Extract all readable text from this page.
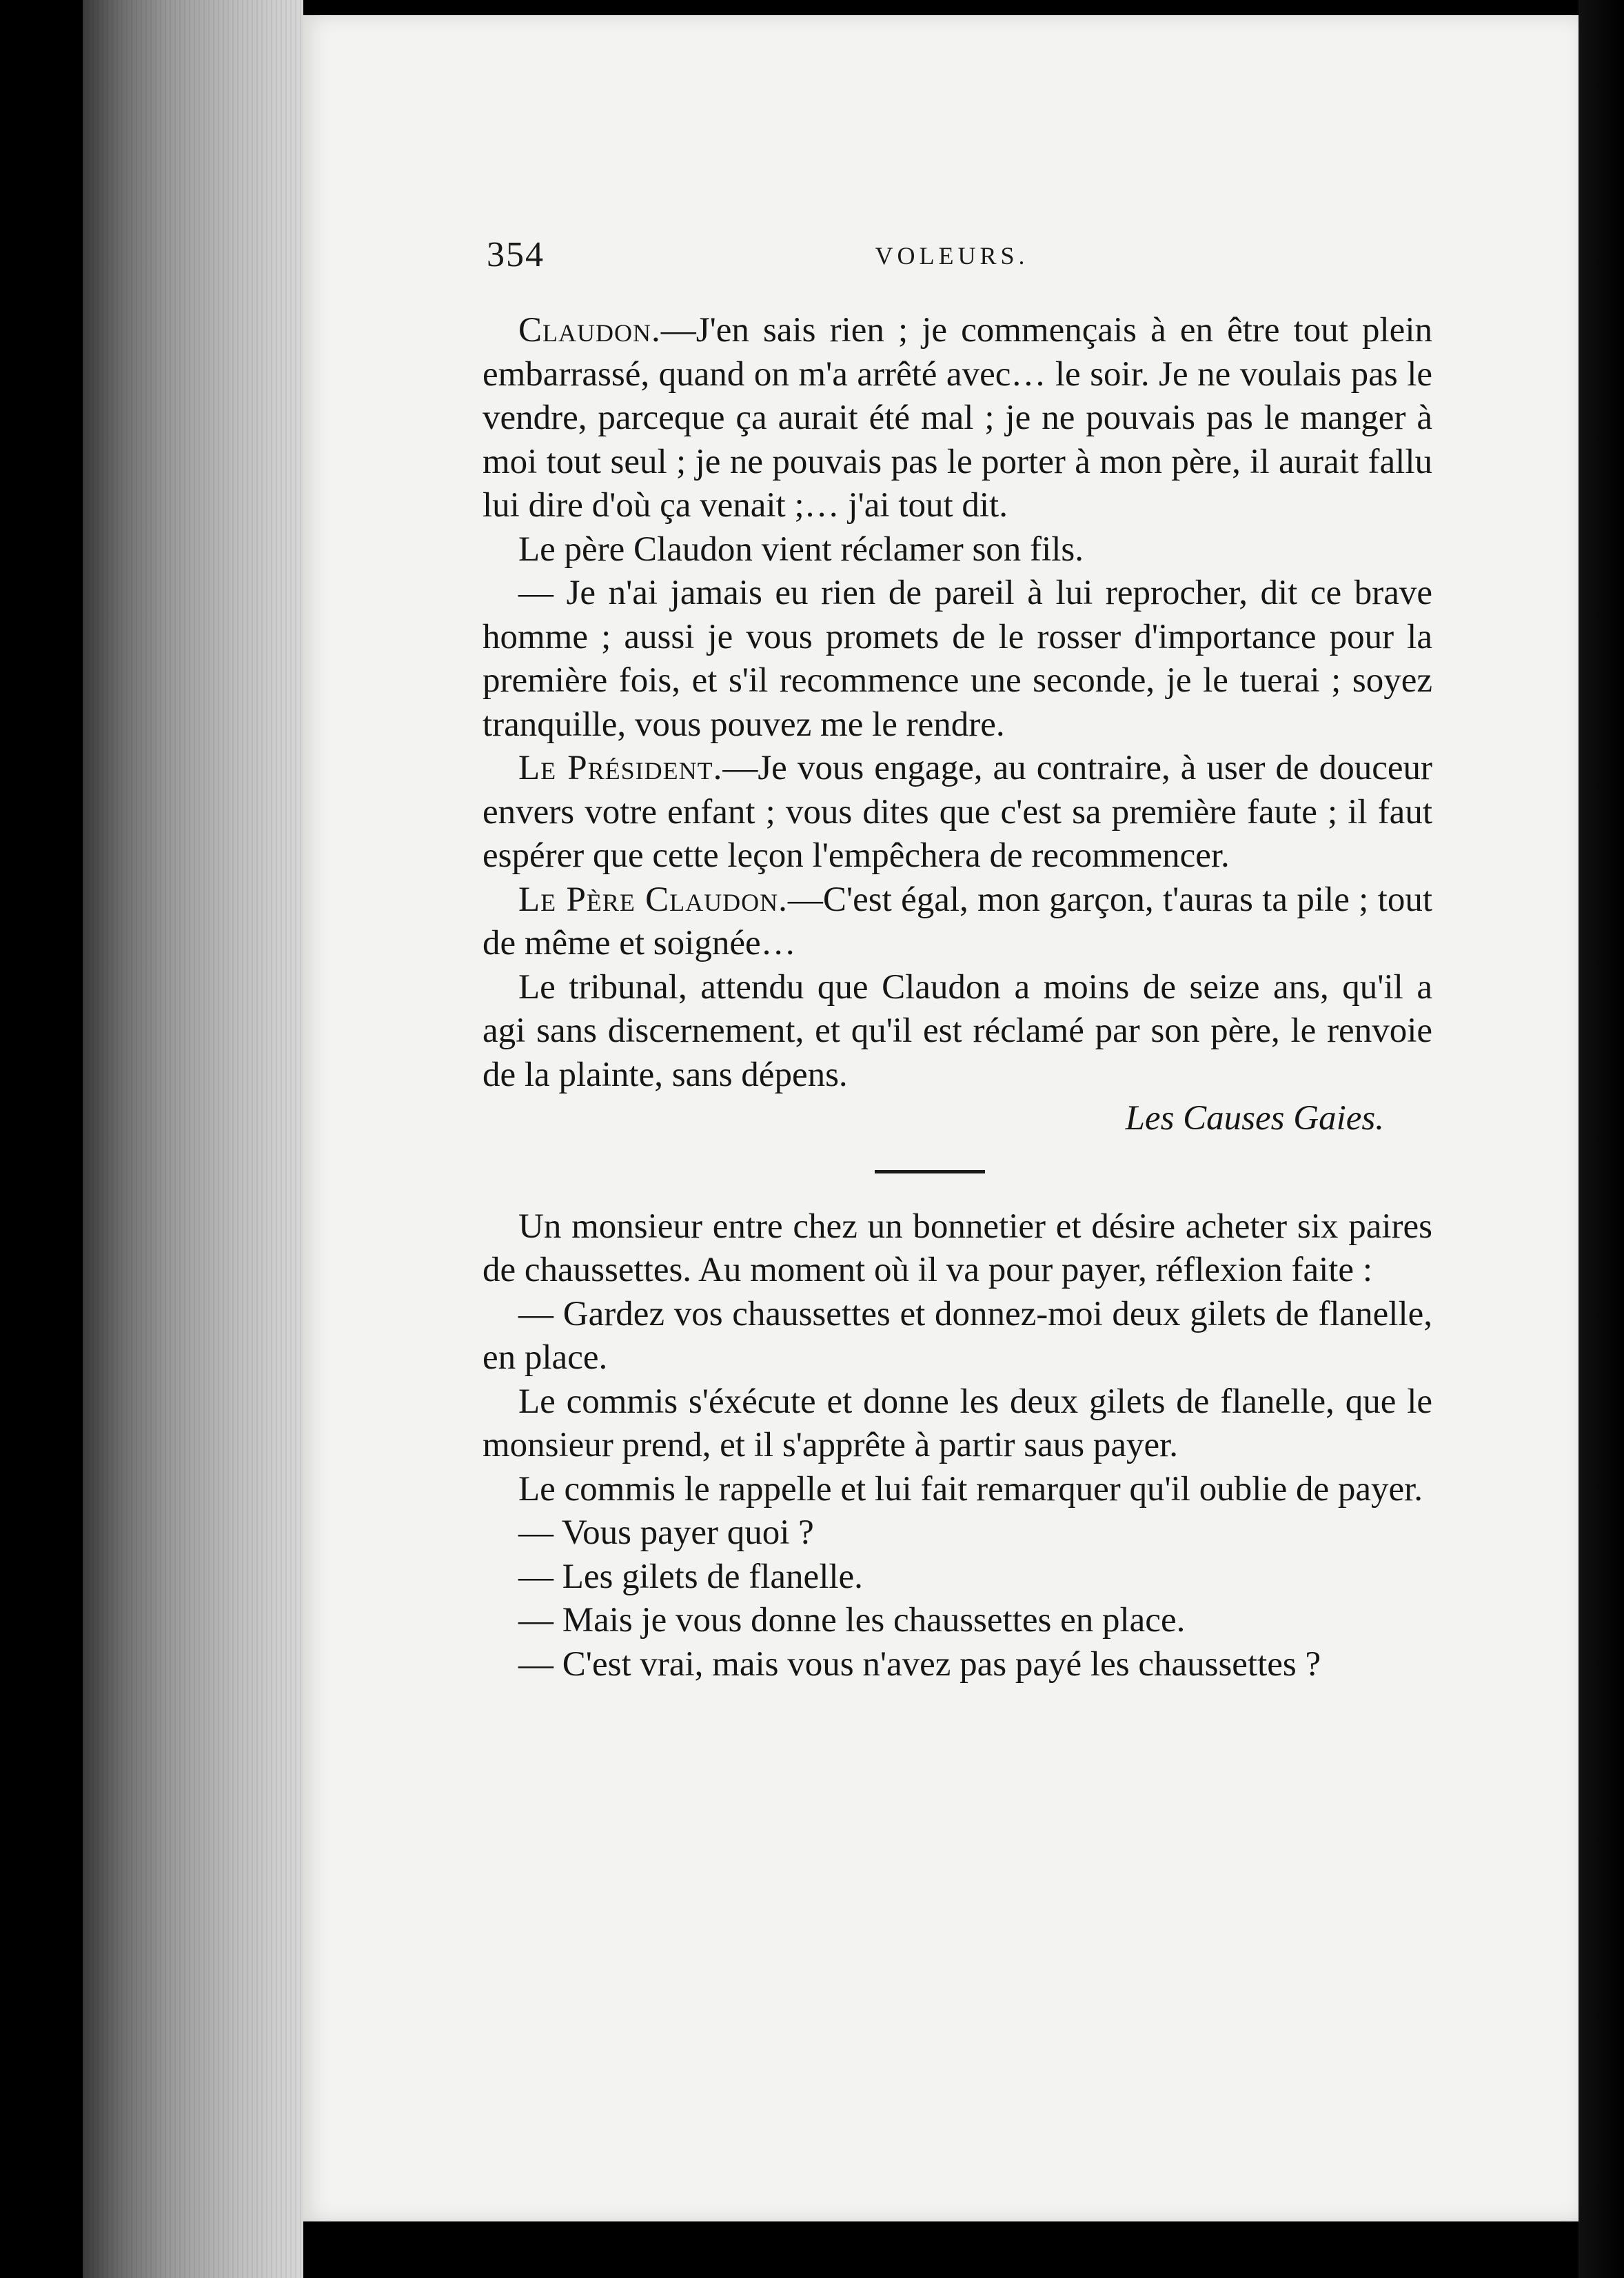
354	VOLEURS.

Claudon.—J'en sais rien ; je commençais à en être tout plein embarrassé, quand on m'a arrêté avec… le soir. Je ne voulais pas le vendre, parceque ça aurait été mal ; je ne pouvais pas le manger à moi tout seul ; je ne pouvais pas le porter à mon père, il aurait fallu lui dire d'où ça venait ;… j'ai tout dit.

Le père Claudon vient réclamer son fils.

— Je n'ai jamais eu rien de pareil à lui reprocher, dit ce brave homme ; aussi je vous promets de le rosser d'importance pour la première fois, et s'il recommence une seconde, je le tuerai ; soyez tranquille, vous pouvez me le rendre.

Le Président.—Je vous engage, au contraire, à user de douceur envers votre enfant ; vous dites que c'est sa première faute ; il faut espérer que cette leçon l'empêchera de recommencer.

Le Père Claudon.—C'est égal, mon garçon, t'auras ta pile ; tout de même et soignée…

Le tribunal, attendu que Claudon a moins de seize ans, qu'il a agi sans discernement, et qu'il est réclamé par son père, le renvoie de la plainte, sans dépens.

Les Causes Gaies.

Un monsieur entre chez un bonnetier et désire acheter six paires de chaussettes. Au moment où il va pour payer, réflexion faite :

— Gardez vos chaussettes et donnez-moi deux gilets de flanelle, en place.

Le commis s'éxécute et donne les deux gilets de flanelle, que le monsieur prend, et il s'apprête à partir saus payer.

Le commis le rappelle et lui fait remarquer qu'il oublie de payer.

— Vous payer quoi ?

— Les gilets de flanelle.

— Mais je vous donne les chaussettes en place.

— C'est vrai, mais vous n'avez pas payé les chaussettes ?
